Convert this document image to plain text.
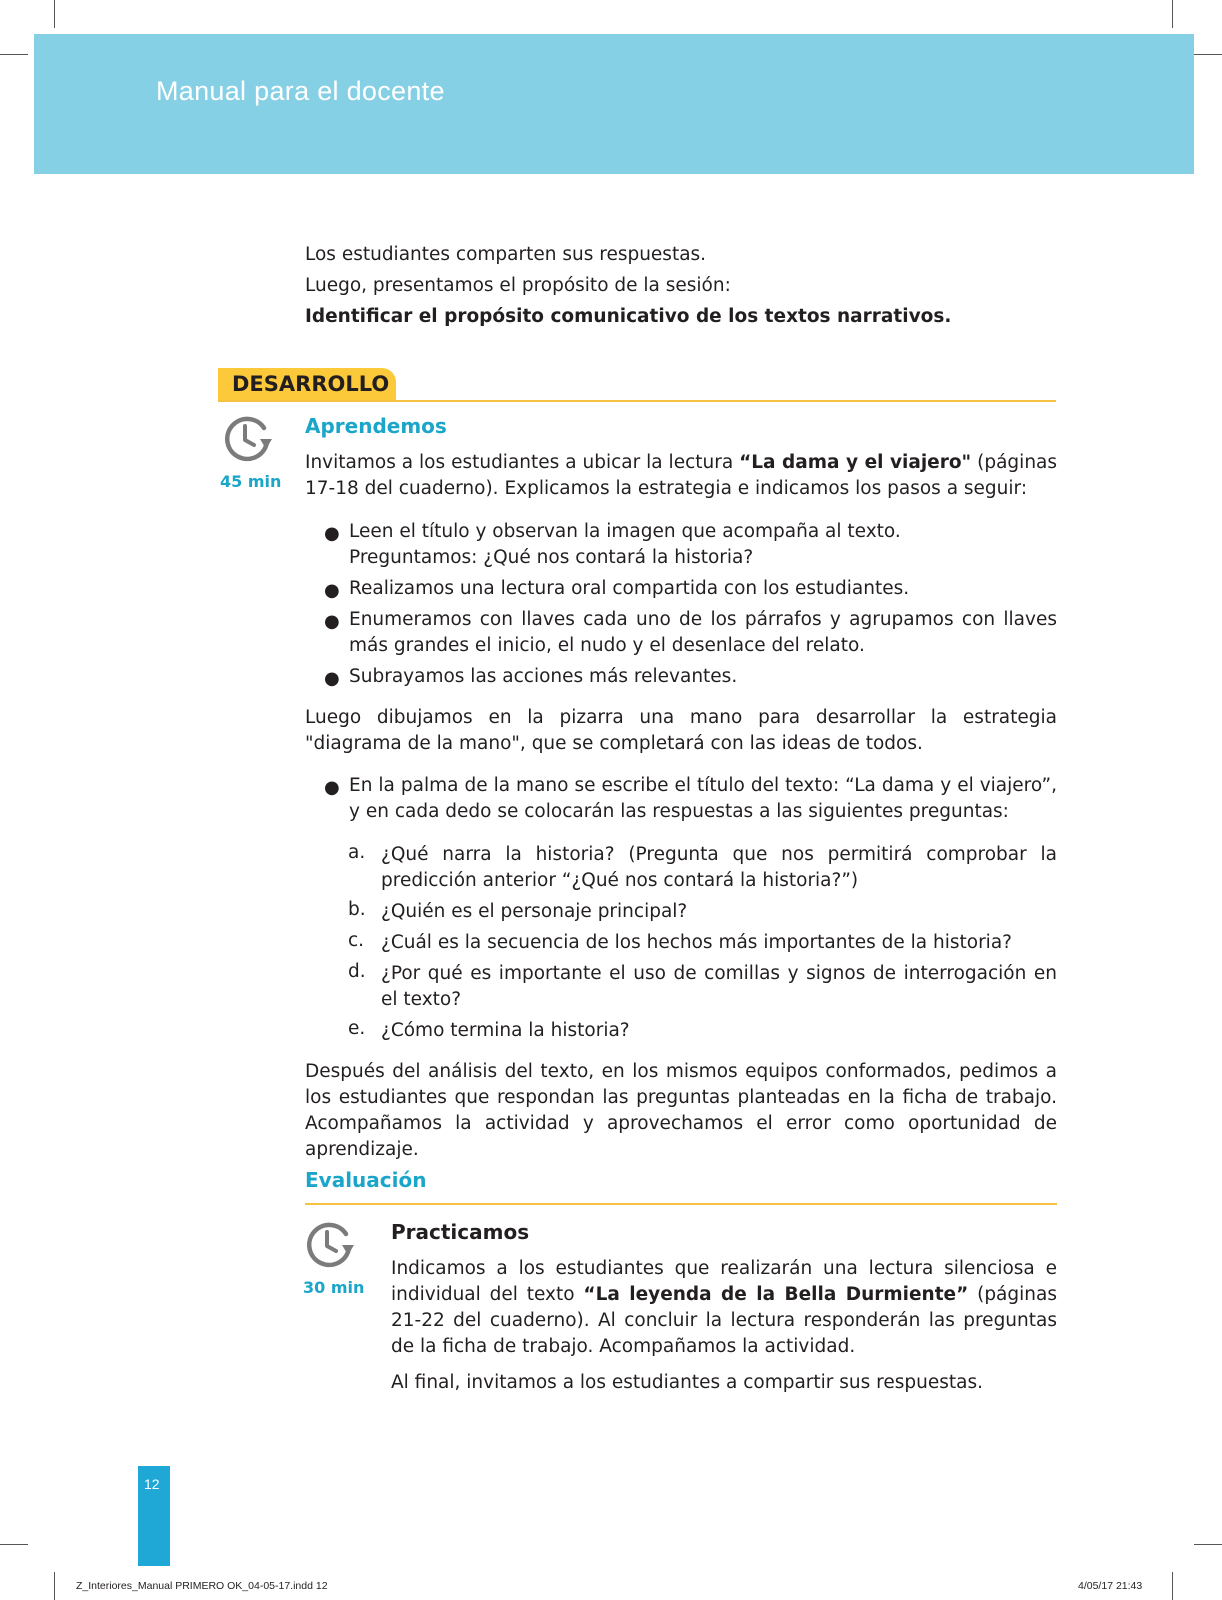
Manual para el docente
Los estudiantes comparten sus respuestas.
Luego, presentamos el propósito de la sesión:
Identificar el propósito comunicativo de los textos narrativos.
DESARROLLO
45 min
Aprendemos
Invitamos a los estudiantes a ubicar la lectura “La dama y el viajero" (páginas 17-18 del cuaderno). Explicamos la estrategia e indicamos los pasos a seguir:
● Leen el título y observan la imagen que acompaña al texto.
Preguntamos: ¿Qué nos contará la historia?
● Realizamos una lectura oral compartida con los estudiantes.
● Enumeramos con llaves cada uno de los párrafos y agrupamos con llaves más grandes el inicio, el nudo y el desenlace del relato.
● Subrayamos las acciones más relevantes.
Luego dibujamos en la pizarra una mano para desarrollar la estrategia "diagrama de la mano", que se completará con las ideas de todos.
● En la palma de la mano se escribe el título del texto: “La dama y el viajero”, y en cada dedo se colocarán las respuestas a las siguientes preguntas:
a. ¿Qué narra la historia? (Pregunta que nos permitirá comprobar la predicción anterior “¿Qué nos contará la historia?”)
b. ¿Quién es el personaje principal?
c. ¿Cuál es la secuencia de los hechos más importantes de la historia?
d. ¿Por qué es importante el uso de comillas y signos de interrogación en el texto?
e. ¿Cómo termina la historia?
Después del análisis del texto, en los mismos equipos conformados, pedimos a los estudiantes que respondan las preguntas planteadas en la ficha de trabajo. Acompañamos la actividad y aprovechamos el error como oportunidad de aprendizaje.
Evaluación
30 min
Practicamos
Indicamos a los estudiantes que realizarán una lectura silenciosa e individual del texto “La leyenda de la Bella Durmiente” (páginas 21-22 del cuaderno). Al concluir la lectura responderán las preguntas de la ficha de trabajo. Acompañamos la actividad.
Al final, invitamos a los estudiantes a compartir sus respuestas.
12
Z_Interiores_Manual PRIMERO OK_04-05-17.indd 12	4/05/17 21:43
